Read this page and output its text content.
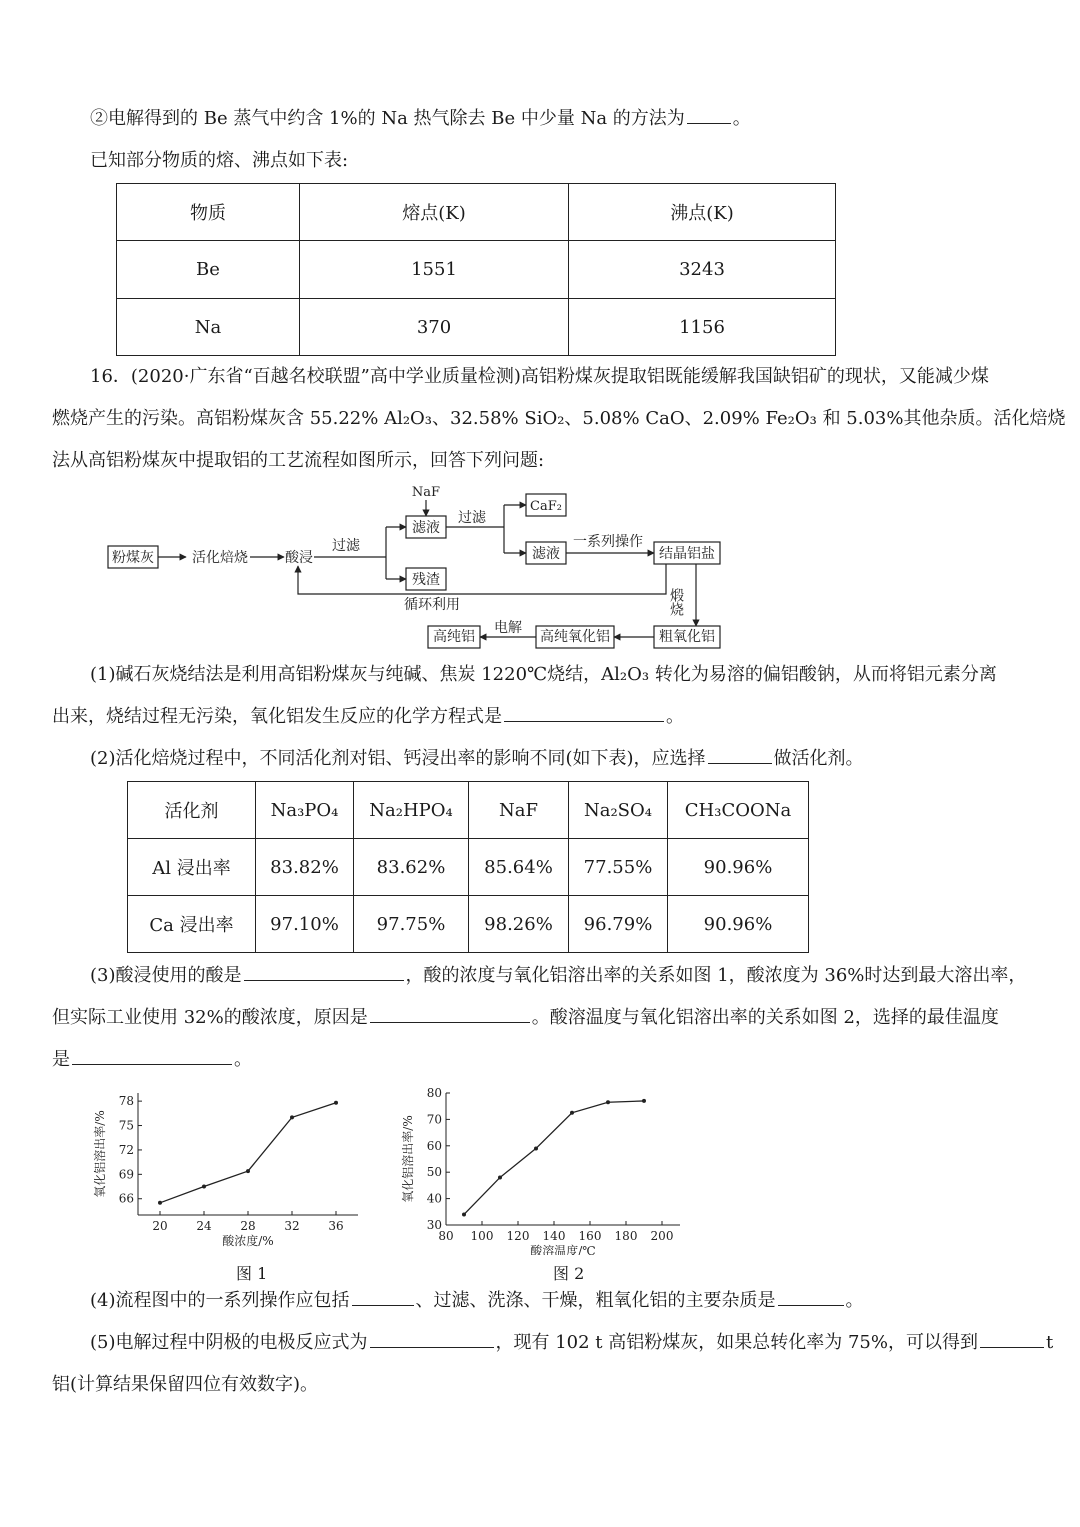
②电解得到的 Be 蒸气中约含 1%的 Na 热气除去 Be 中少量 Na 的方法为	。
已知部分物质的熔、沸点如下表:
物质	熔点(K)	沸点(K)
Be	1551	3243
Na	370	1156
16．(2020·广东省“百越名校联盟”高中学业质量检测)高铝粉煤灰提取铝既能缓解我国缺铝矿的现状，又能减少煤
燃烧产生的污染。高铝粉煤灰含 55.22% Al₂O₃、32.58% SiO₂、5.08% CaO、2.09% Fe₂O₃ 和 5.03%其他杂质。活化焙烧
法从高铝粉煤灰中提取铝的工艺流程如图所示，回答下列问题:
粉煤灰	活化焙烧	酸浸
过滤
NaF
滤液
过滤
CaF₂
滤液
一系列操作
结晶铝盐
残渣
循环利用
粗氧化铝
高纯氧化铝
电解
高纯铝
煅烧
(1)碱石灰烧结法是利用高铝粉煤灰与纯碱、焦炭 1220℃烧结，Al₂O₃ 转化为易溶的偏铝酸钠，从而将铝元素分离
出来，烧结过程无污染，氧化铝发生反应的化学方程式是	。
(2)活化焙烧过程中，不同活化剂对铝、钙浸出率的影响不同(如下表)，应选择	做活化剂。
活化剂	Na₃PO₄	Na₂HPO₄	NaF	Na₂SO₄	CH₃COONa
Al 浸出率	83.82%	83.62%	85.64%	77.55%	90.96%
Ca 浸出率	97.10%	97.75%	98.26%	96.79%	90.96%
(3)酸浸使用的酸是	，酸的浓度与氧化铝溶出率的关系如图 1，酸浓度为 36%时达到最大溶出率，
但实际工业使用 32%的酸浓度，原因是	。酸溶温度与氧化铝溶出率的关系如图 2，选择的最佳温度
是	。
20 24 28 32 36
66
69
72
75
78
酸浓度/%
氧化铝溶出率/%
80 100 120 140 160 180 200
30
40
50
60
70
80
酸溶温度/℃
氧化铝溶出率/%
图 1	图 2
(4)流程图中的一系列操作应包括	、过滤、洗涤、干燥，粗氧化铝的主要杂质是	。
(5)电解过程中阴极的电极反应式为	，现有 102 t 高铝粉煤灰，如果总转化率为 75%，可以得到	t
铝(计算结果保留四位有效数字)。
